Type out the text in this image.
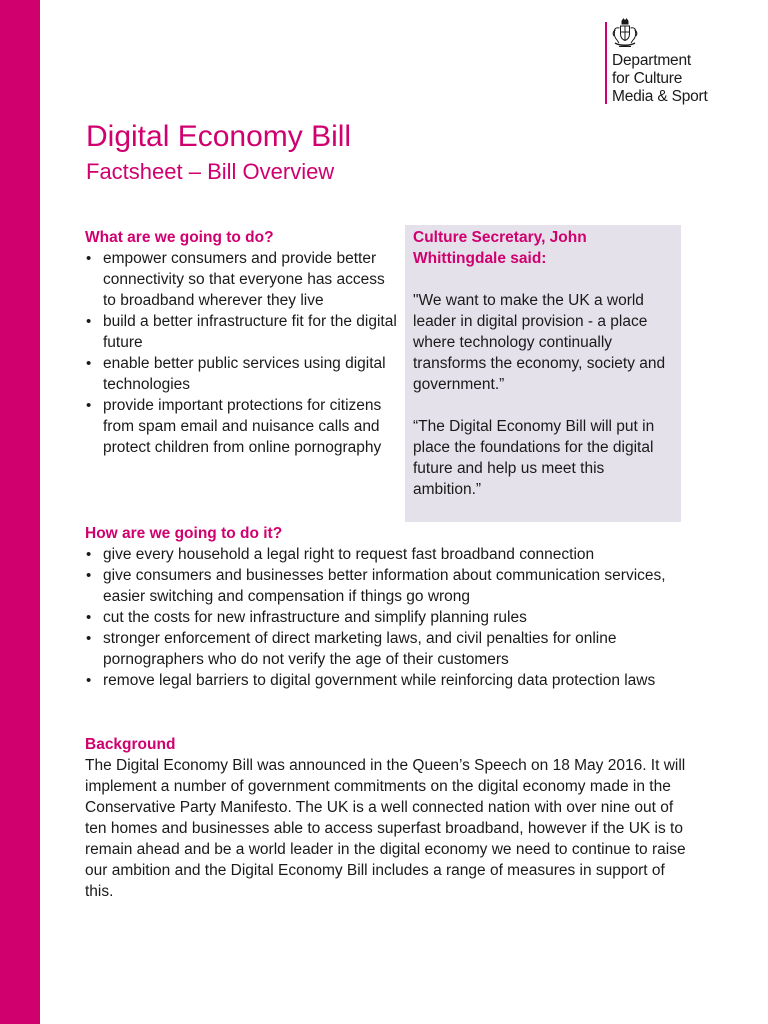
Department
for Culture
Media & Sport
Digital Economy Bill
Factsheet – Bill Overview
What are we going to do?
• empower consumers and provide better connectivity so that everyone has access to broadband wherever they live
• build a better infrastructure fit for the digital future
• enable better public services using digital technologies
• provide important protections for citizens from spam email and nuisance calls and protect children from online pornography
Culture Secretary, John Whittingdale said:

"We want to make the UK a world leader in digital provision - a place where technology continually transforms the economy, society and government.”

“The Digital Economy Bill will put in place the foundations for the digital future and help us meet this ambition.”

How are we going to do it?
• give every household a legal right to request fast broadband connection
• give consumers and businesses better information about communication services, easier switching and compensation if things go wrong
• cut the costs for new infrastructure and simplify planning rules
• stronger enforcement of direct marketing laws, and civil penalties for online pornographers who do not verify the age of their customers
• remove legal barriers to digital government while reinforcing data protection laws
Background

The Digital Economy Bill was announced in the Queen’s Speech on 18 May 2016. It will implement a number of government commitments on the digital economy made in the Conservative Party Manifesto. The UK is a well connected nation with over nine out of ten homes and businesses able to access superfast broadband, however if the UK is to remain ahead and be a world leader in the digital economy we need to continue to raise our ambition and the Digital Economy Bill includes a range of measures in support of this.
